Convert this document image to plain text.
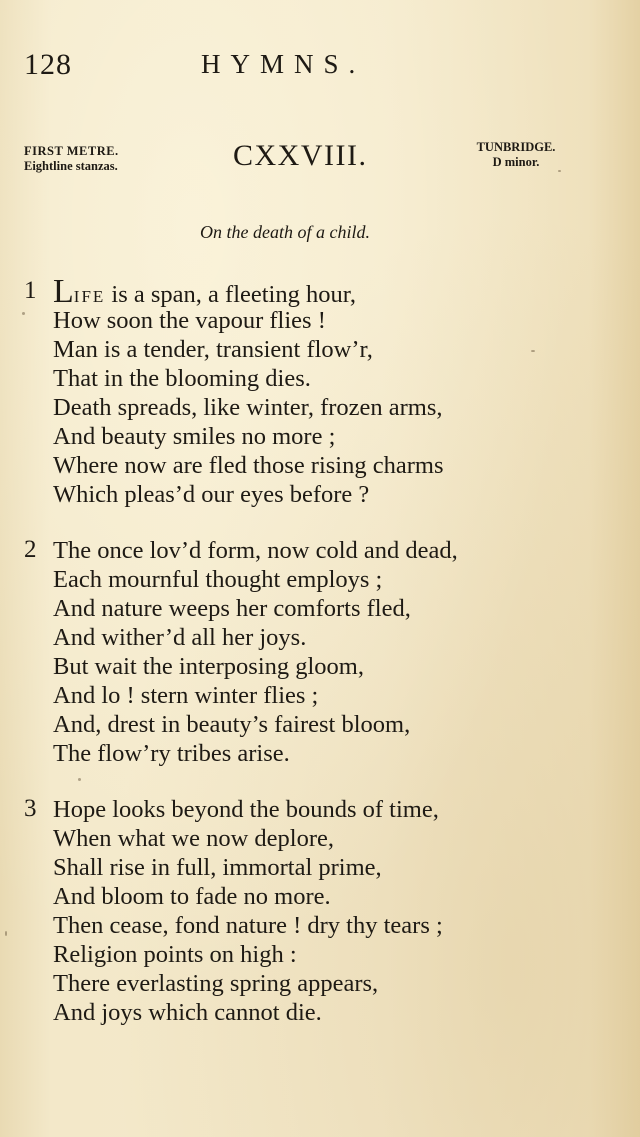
128	HYMNS.
FIRST METRE.
Eightline stanzas.	CXXVIII.	TUNBRIDGE.
D minor.
On the death of a child.
1 LIFE is a span, a fleeting hour,
How soon the vapour flies !
Man is a tender, transient flow’r,
That in the blooming dies.
Death spreads, like winter, frozen arms,
And beauty smiles no more ;
Where now are fled those rising charms
Which pleas’d our eyes before ?
2 The once lov’d form, now cold and dead,
Each mournful thought employs ;
And nature weeps her comforts fled,
And wither’d all her joys.
But wait the interposing gloom,
And lo ! stern winter flies ;
And, drest in beauty’s fairest bloom,
The flow’ry tribes arise.
3 Hope looks beyond the bounds of time,
When what we now deplore,
Shall rise in full, immortal prime,
And bloom to fade no more.
Then cease, fond nature ! dry thy tears ;
Religion points on high :
There everlasting spring appears,
And joys which cannot die.
